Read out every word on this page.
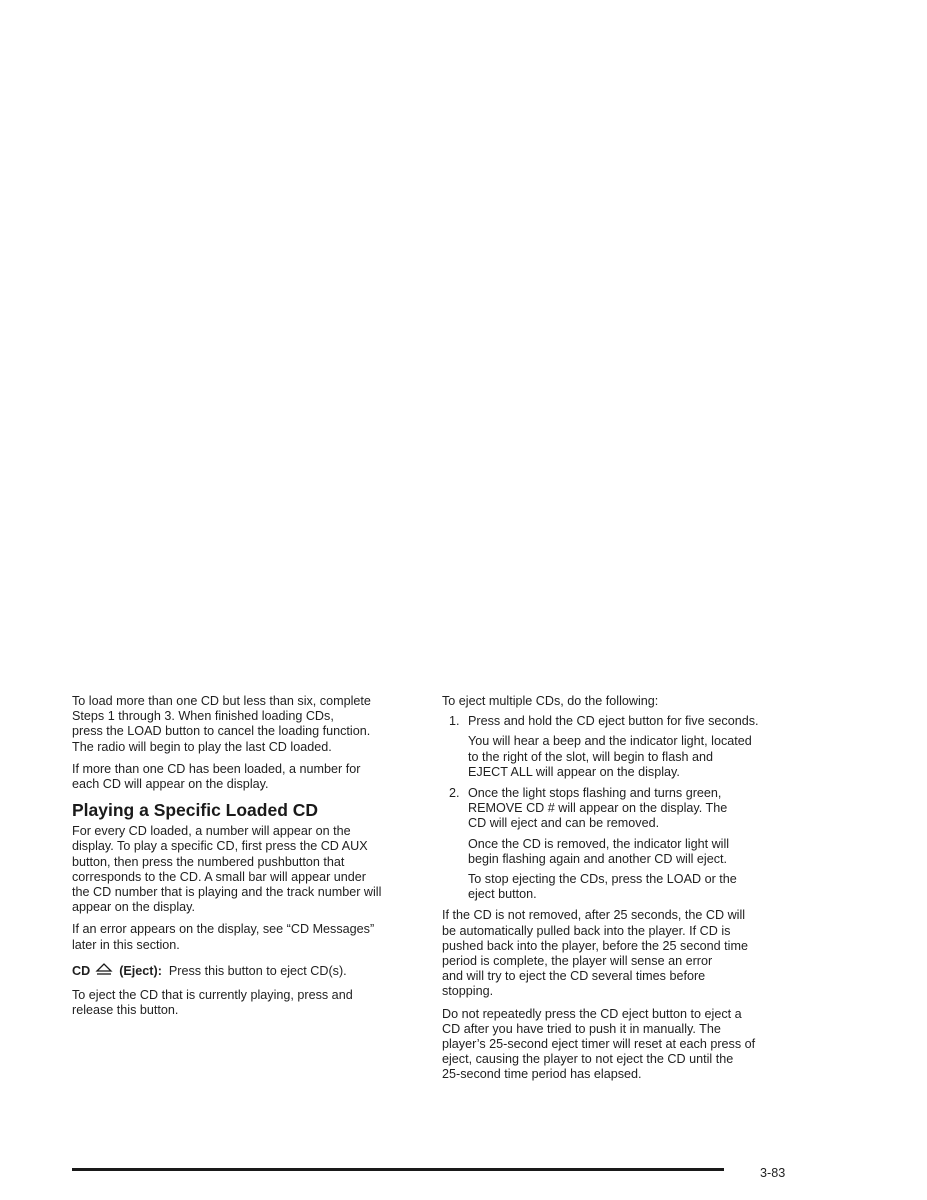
To load more than one CD but less than six, complete
Steps 1 through 3. When finished loading CDs,
press the LOAD button to cancel the loading function.
The radio will begin to play the last CD loaded.

If more than one CD has been loaded, a number for
each CD will appear on the display.

Playing a Specific Loaded CD

For every CD loaded, a number will appear on the
display. To play a specific CD, first press the CD AUX
button, then press the numbered pushbutton that
corresponds to the CD. A small bar will appear under
the CD number that is playing and the track number will
appear on the display.

If an error appears on the display, see “CD Messages”
later in this section.

CD (Eject): Press this button to eject CD(s).

To eject the CD that is currently playing, press and
release this button.

To eject multiple CDs, do the following:

1. Press and hold the CD eject button for five seconds.

You will hear a beep and the indicator light, located
to the right of the slot, will begin to flash and
EJECT ALL will appear on the display.

2. Once the light stops flashing and turns green,
REMOVE CD # will appear on the display. The
CD will eject and can be removed.

Once the CD is removed, the indicator light will
begin flashing again and another CD will eject.

To stop ejecting the CDs, press the LOAD or the
eject button.

If the CD is not removed, after 25 seconds, the CD will
be automatically pulled back into the player. If CD is
pushed back into the player, before the 25 second time
period is complete, the player will sense an error
and will try to eject the CD several times before
stopping.

Do not repeatedly press the CD eject button to eject a
CD after you have tried to push it in manually. The
player’s 25-second eject timer will reset at each press of
eject, causing the player to not eject the CD until the
25-second time period has elapsed.

3-83
